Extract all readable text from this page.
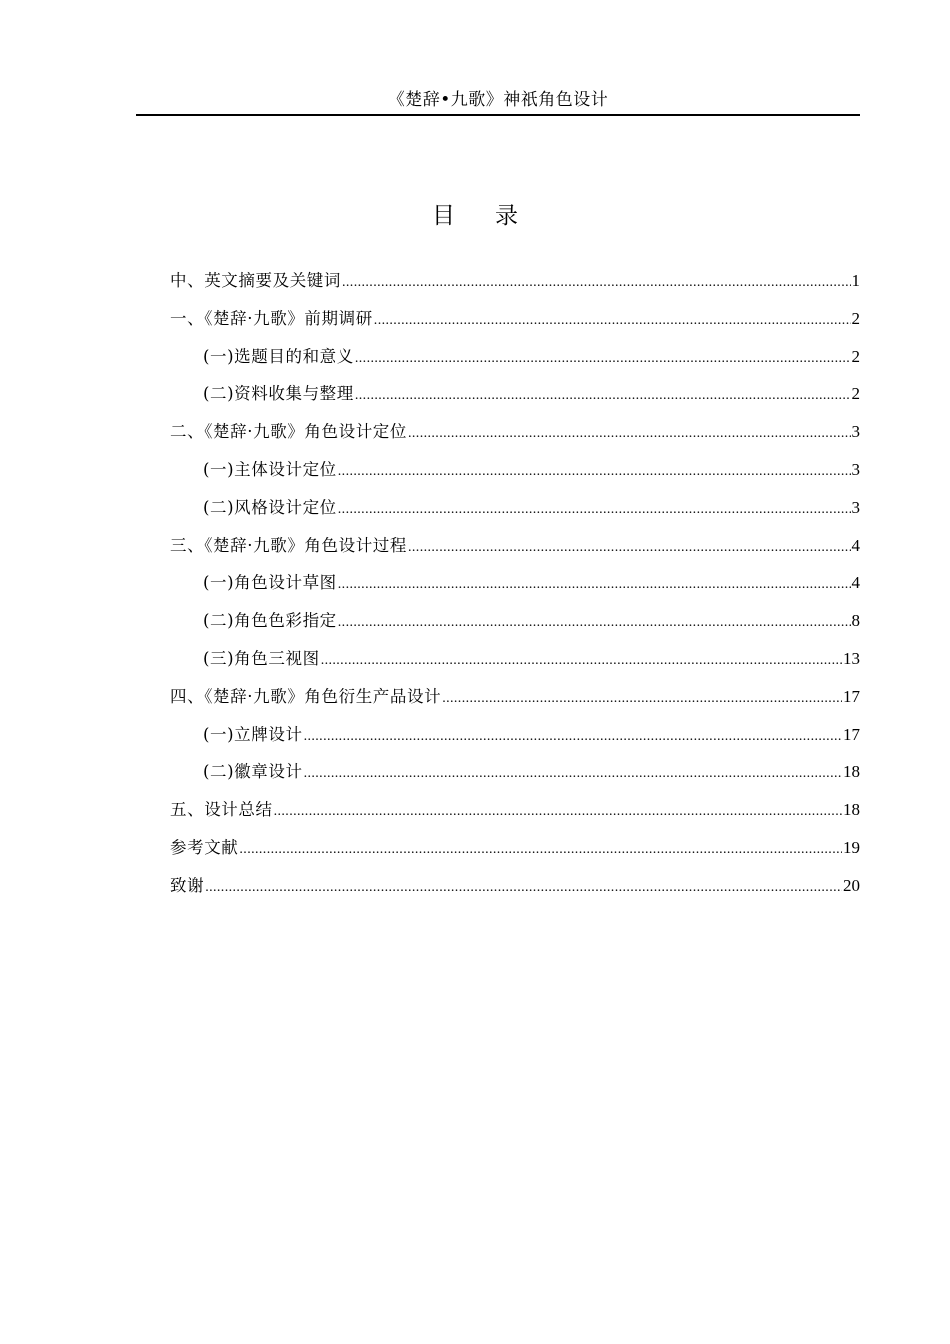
《楚辞•九歌》神祇角色设计
目录
中、英文摘要及关键词 .....	1
一、《楚辞·九歌》前期调研 .....	2
(一)选题目的和意义 .....	2
(二)资料收集与整理 .....	2
二、《楚辞·九歌》角色设计定位 .....	3
(一)主体设计定位 .....	3
(二)风格设计定位 .....	3
三、《楚辞·九歌》角色设计过程 .....	4
(一)角色设计草图 .....	4
(二)角色色彩指定 .....	8
(三)角色三视图 .....	13
四、《楚辞·九歌》角色衍生产品设计 .....	17
(一)立牌设计 .....	17
(二)徽章设计 .....	18
五、设计总结 .....	18
参考文献 .....	19
致谢 .....	20
